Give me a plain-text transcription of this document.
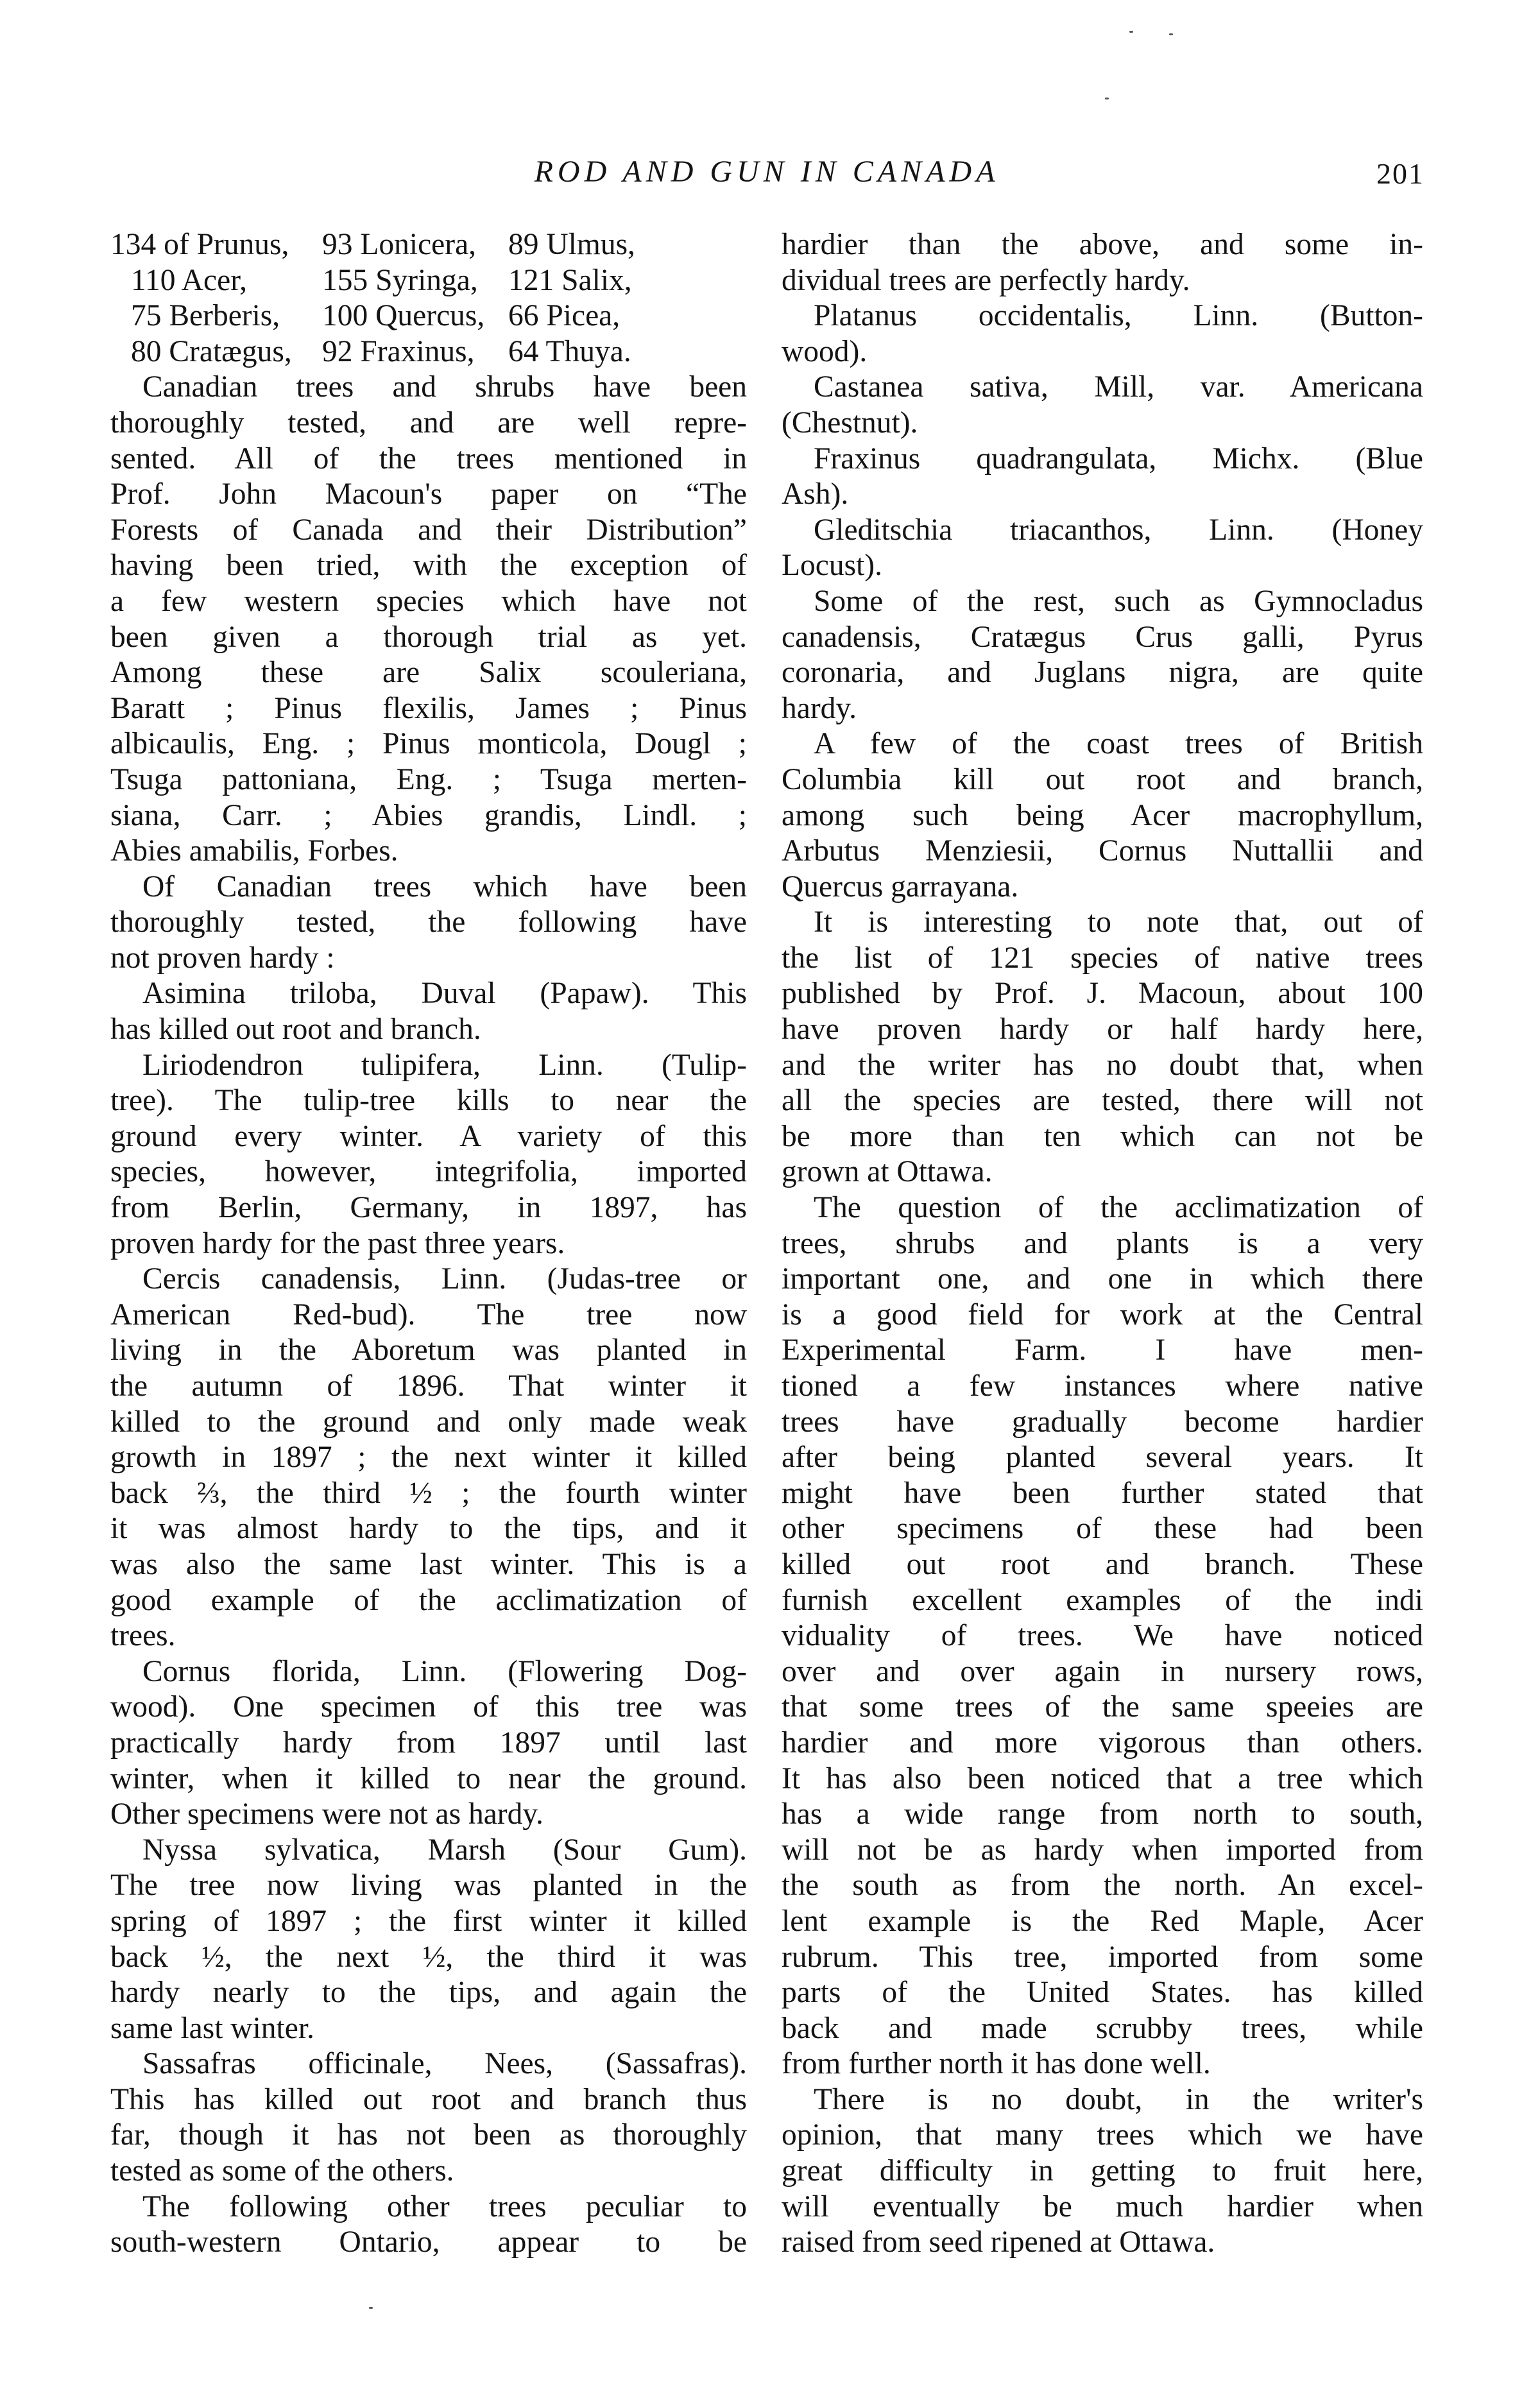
ROD AND GUN IN CANADA	201
134 of Prunus,	93 Lonicera,	89 Ulmus,
110 Acer,	155 Syringa, 121 Salix,
75 Berberis,	100 Quercus, 66 Picea,
80 Cratægus, 92 Fraxinus,	64 Thuya.
Canadian trees and shrubs have been
thoroughly tested, and are well repre-
sented. All of the trees mentioned in
Prof. John Macoun's paper on “The
Forests of Canada and their Distribution”
having been tried, with the exception of
a few western species which have not
been given a thorough trial as yet.
Among these are Salix scouleriana,
Baratt ; Pinus flexilis, James ; Pinus
albicaulis, Eng. ; Pinus monticola, Dougl ;
Tsuga pattoniana, Eng. ; Tsuga merten-
siana, Carr. ; Abies grandis, Lindl. ;
Abies amabilis, Forbes.
Of Canadian trees which have been
thoroughly tested, the following have
not proven hardy :
Asimina triloba, Duval (Papaw). This
has killed out root and branch.
Liriodendron tulipifera, Linn. (Tulip-
tree). The tulip-tree kills to near the
ground every winter. A variety of this
species, however, integrifolia, imported
from Berlin, Germany, in 1897, has
proven hardy for the past three years.
Cercis canadensis, Linn. (Judas-tree or
American Red-bud). The tree now
living in the Aboretum was planted in
the autumn of 1896. That winter it
killed to the ground and only made weak
growth in 1897 ; the next winter it killed
back ⅔, the third ½ ; the fourth winter
it was almost hardy to the tips, and it
was also the same last winter. This is a
good example of the acclimatization of
trees.
Cornus florida, Linn. (Flowering Dog-
wood). One specimen of this tree was
practically hardy from 1897 until last
winter, when it killed to near the ground.
Other specimens were not as hardy.
Nyssa sylvatica, Marsh (Sour Gum).
The tree now living was planted in the
spring of 1897 ; the first winter it killed
back ½, the next ½, the third it was
hardy nearly to the tips, and again the
same last winter.
Sassafras officinale, Nees, (Sassafras).
This has killed out root and branch thus
far, though it has not been as thoroughly
tested as some of the others.
The following other trees peculiar to
south-western Ontario, appear to be
hardier than the above, and some in-
dividual trees are perfectly hardy.
Platanus occidentalis, Linn. (Button-
wood).
Castanea sativa, Mill, var. Americana
(Chestnut).
Fraxinus quadrangulata, Michx. (Blue
Ash).
Gleditschia triacanthos, Linn. (Honey
Locust).
Some of the rest, such as Gymnocladus
canadensis, Cratægus Crus galli, Pyrus
coronaria, and Juglans nigra, are quite
hardy.
A few of the coast trees of British
Columbia kill out root and branch,
among such being Acer macrophyllum,
Arbutus Menziesii, Cornus Nuttallii and
Quercus garrayana.
It is interesting to note that, out of
the list of 121 species of native trees
published by Prof. J. Macoun, about 100
have proven hardy or half hardy here,
and the writer has no doubt that, when
all the species are tested, there will not
be more than ten which can not be
grown at Ottawa.
The question of the acclimatization of
trees, shrubs and plants is a very
important one, and one in which there
is a good field for work at the Central
Experimental Farm. I have men-
tioned a few instances where native
trees have gradually become hardier
after being planted several years. It
might have been further stated that
other specimens of these had been
killed out root and branch. These
furnish excellent examples of the indi
viduality of trees. We have noticed
over and over again in nursery rows,
that some trees of the same speeies are
hardier and more vigorous than others.
It has also been noticed that a tree which
has a wide range from north to south,
will not be as hardy when imported from
the south as from the north. An excel-
lent example is the Red Maple, Acer
rubrum. This tree, imported from some
parts of the United States. has killed
back and made scrubby trees, while
from further north it has done well.
There is no doubt, in the writer's
opinion, that many trees which we have
great difficulty in getting to fruit here,
will eventually be much hardier when
raised from seed ripened at Ottawa.
